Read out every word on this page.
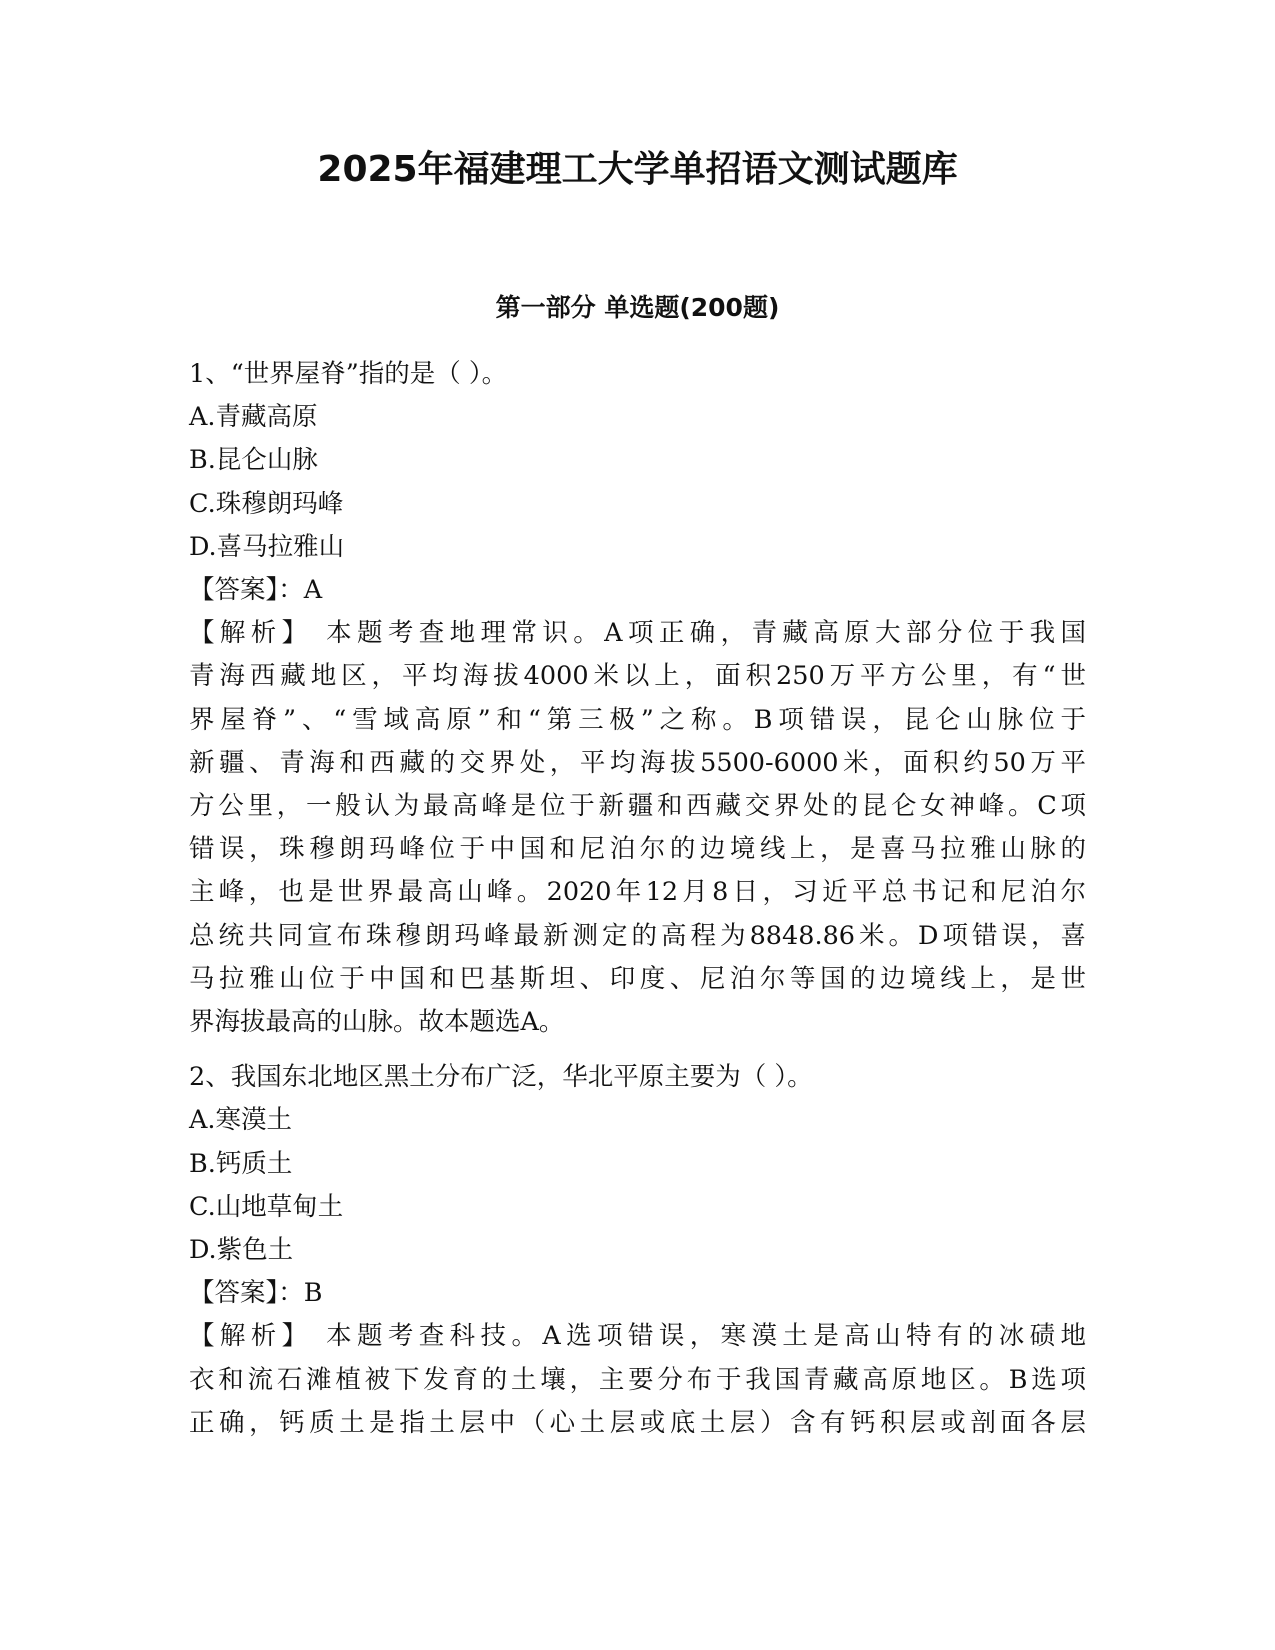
2025年福建理工大学单招语文测试题库
第一部分 单选题(200题)
1、“世界屋脊”指的是（ ）。
A.青藏高原
B.昆仑山脉
C.珠穆朗玛峰
D.喜马拉雅山
【答案】：A
【解析】 本题考查地理常识。A项正确，青藏高原大部分位于我国
青海西藏地区，平均海拔4000米以上，面积250万平方公里，有“世
界屋脊”、“雪域高原”和“第三极”之称。B项错误，昆仑山脉位于
新疆、青海和西藏的交界处，平均海拔5500-6000米，面积约50万平
方公里，一般认为最高峰是位于新疆和西藏交界处的昆仑女神峰。C项
错误，珠穆朗玛峰位于中国和尼泊尔的边境线上，是喜马拉雅山脉的
主峰，也是世界最高山峰。2020年12月8日，习近平总书记和尼泊尔
总统共同宣布珠穆朗玛峰最新测定的高程为8848.86米。D项错误，喜
马拉雅山位于中国和巴基斯坦、印度、尼泊尔等国的边境线上，是世
界海拔最高的山脉。故本题选A。
2、我国东北地区黑土分布广泛，华北平原主要为（ ）。
A.寒漠土
B.钙质土
C.山地草甸土
D.紫色土
【答案】：B
【解析】 本题考查科技。A选项错误，寒漠土是高山特有的冰碛地
衣和流石滩植被下发育的土壤，主要分布于我国青藏高原地区。B选项
正确，钙质土是指土层中（心土层或底土层）含有钙积层或剖面各层
